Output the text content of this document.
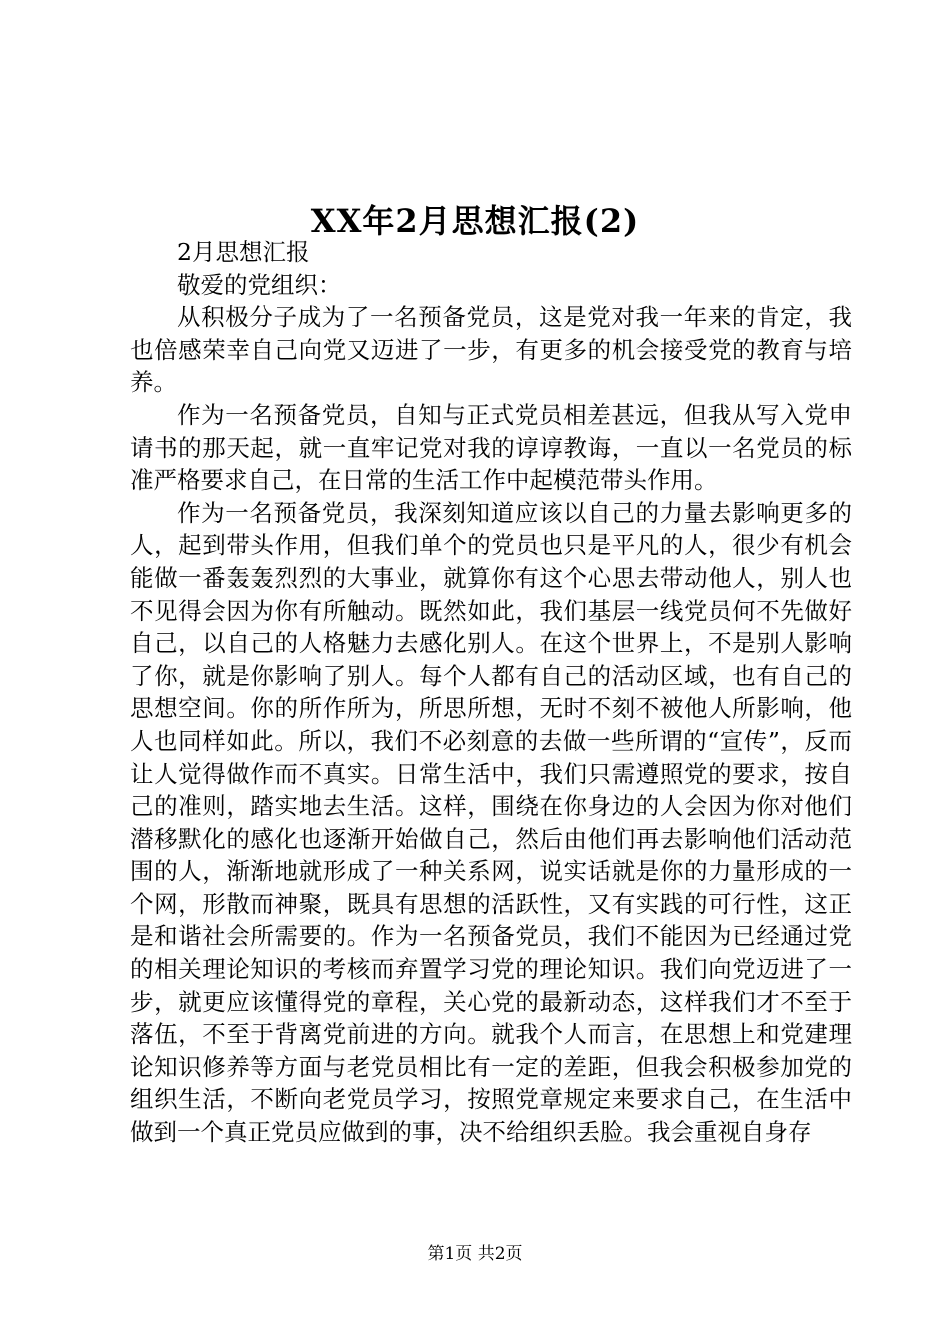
XX年2月思想汇报(2)

2月思想汇报

敬爱的党组织：

从积极分子成为了一名预备党员，这是党对我一年来的肯定，我也倍感荣幸自己向党又迈进了一步，有更多的机会接受党的教育与培养。

作为一名预备党员，自知与正式党员相差甚远，但我从写入党申请书的那天起，就一直牢记党对我的谆谆教诲，一直以一名党员的标准严格要求自己，在日常的生活工作中起模范带头作用。

作为一名预备党员，我深刻知道应该以自己的力量去影响更多的人，起到带头作用，但我们单个的党员也只是平凡的人，很少有机会能做一番轰轰烈烈的大事业，就算你有这个心思去带动他人，别人也不见得会因为你有所触动。既然如此，我们基层一线党员何不先做好自己，以自己的人格魅力去感化别人。在这个世界上，不是别人影响了你，就是你影响了别人。每个人都有自己的活动区域，也有自己的思想空间。你的所作所为，所思所想，无时不刻不被他人所影响，他人也同样如此。所以，我们不必刻意的去做一些所谓的“宣传”，反而让人觉得做作而不真实。日常生活中，我们只需遵照党的要求，按自己的准则，踏实地去生活。这样，围绕在你身边的人会因为你对他们潜移默化的感化也逐渐开始做自己，然后由他们再去影响他们活动范围的人，渐渐地就形成了一种关系网，说实话就是你的力量形成的一个网，形散而神聚，既具有思想的活跃性，又有实践的可行性，这正是和谐社会所需要的。作为一名预备党员，我们不能因为已经通过党的相关理论知识的考核而弃置学习党的理论知识。我们向党迈进了一步，就更应该懂得党的章程，关心党的最新动态，这样我们才不至于落伍，不至于背离党前进的方向。就我个人而言，在思想上和党建理论知识修养等方面与老党员相比有一定的差距，但我会积极参加党的组织生活，不断向老党员学习，按照党章规定来要求自己，在生活中做到一个真正党员应做到的事，决不给组织丢脸。我会重视自身存

第1页 共2页
